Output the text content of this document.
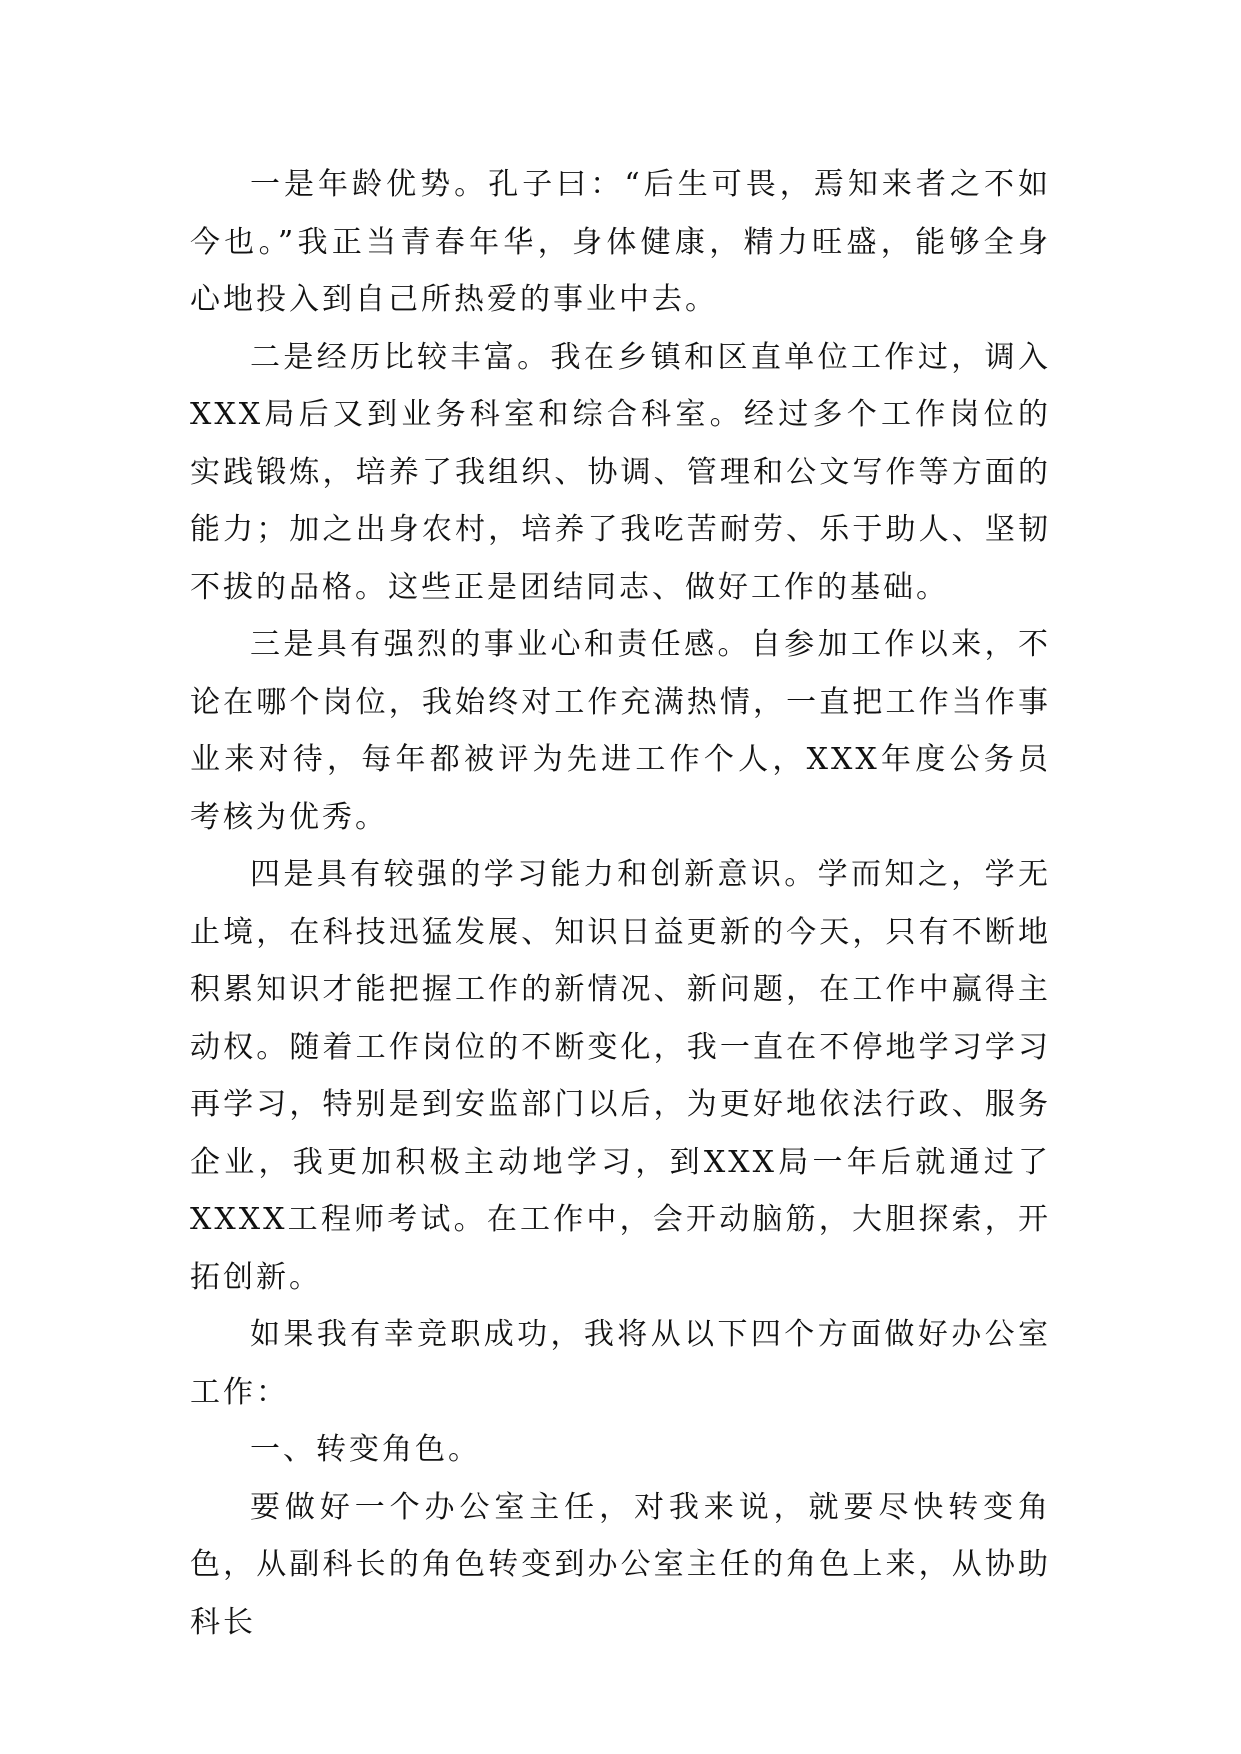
一是年龄优势。孔子曰：“后生可畏，焉知来者之不如今也。”我正当青春年华，身体健康，精力旺盛，能够全身心地投入到自己所热爱的事业中去。

二是经历比较丰富。我在乡镇和区直单位工作过，调入XXX局后又到业务科室和综合科室。经过多个工作岗位的实践锻炼，培养了我组织、协调、管理和公文写作等方面的能力；加之出身农村，培养了我吃苦耐劳、乐于助人、坚韧不拔的品格。这些正是团结同志、做好工作的基础。

三是具有强烈的事业心和责任感。自参加工作以来，不论在哪个岗位，我始终对工作充满热情，一直把工作当作事业来对待，每年都被评为先进工作个人，XXX年度公务员考核为优秀。

四是具有较强的学习能力和创新意识。学而知之，学无止境，在科技迅猛发展、知识日益更新的今天，只有不断地积累知识才能把握工作的新情况、新问题，在工作中赢得主动权。随着工作岗位的不断变化，我一直在不停地学习学习再学习，特别是到安监部门以后，为更好地依法行政、服务企业，我更加积极主动地学习，到XXX局一年后就通过了XXXX工程师考试。在工作中，会开动脑筋，大胆探索，开拓创新。

如果我有幸竞职成功，我将从以下四个方面做好办公室工作：

一、转变角色。

要做好一个办公室主任，对我来说，就要尽快转变角色，从副科长的角色转变到办公室主任的角色上来，从协助科长
